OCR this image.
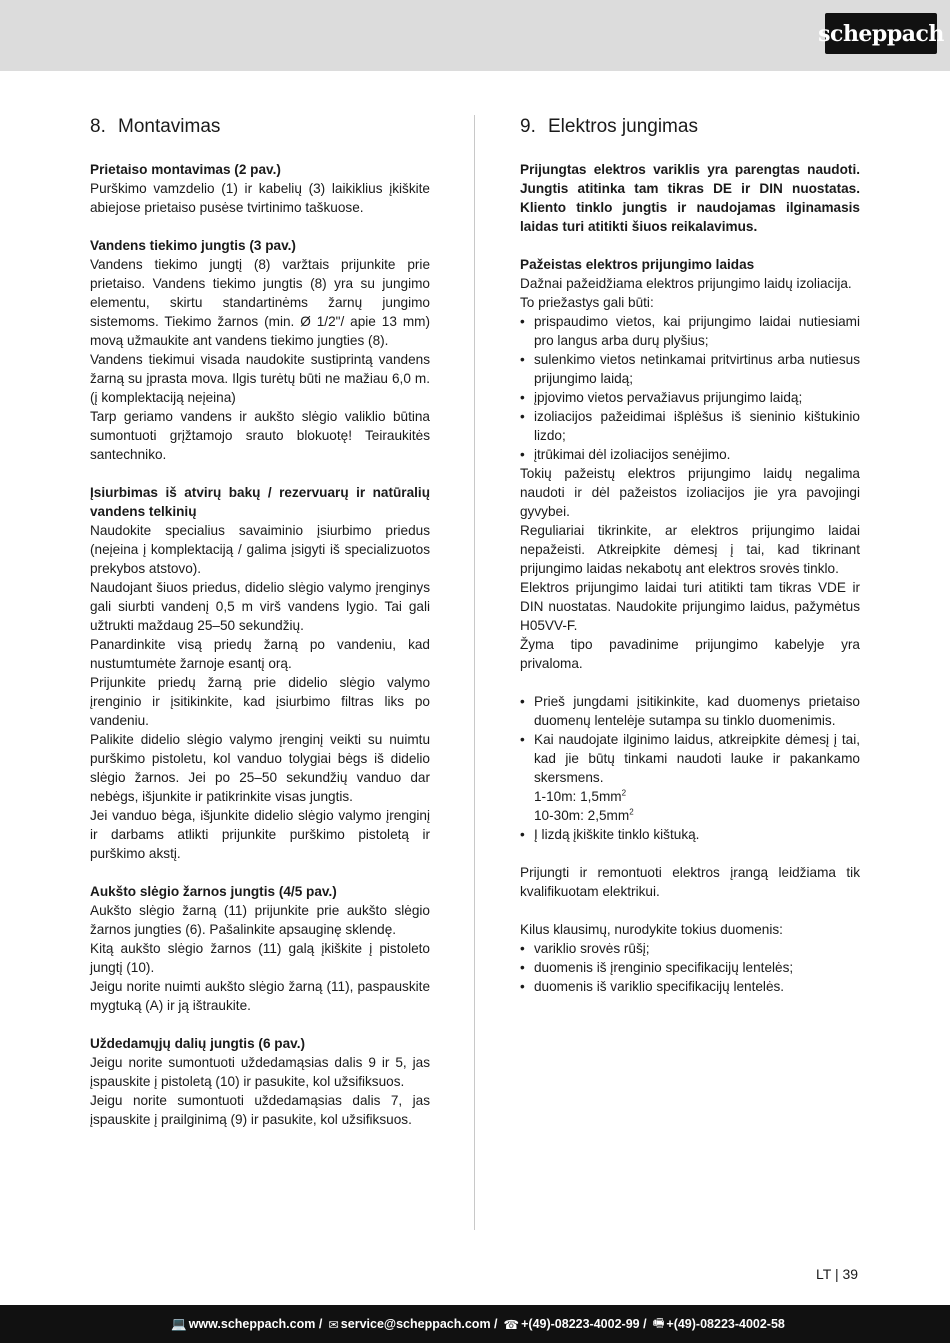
scheppach
8. Montavimas

Prietaiso montavimas (2 pav.)

Purškimo vamzdelio (1) ir kabelių (3) laikiklius įkiškite abiejose prietaiso pusėse tvirtinimo taškuose.

Vandens tiekimo jungtis (3 pav.)

Vandens tiekimo jungtį (8) varžtais prijunkite prie prietaiso. Vandens tiekimo jungtis (8) yra su jungimo elementu, skirtu standartinėms žarnų jungimo sistemoms. Tiekimo žarnos (min. Ø 1/2"/ apie 13 mm) movą užmaukite ant vandens tiekimo jungties (8).

Vandens tiekimui visada naudokite sustiprintą vandens žarną su įprasta mova. Ilgis turėtų būti ne mažiau 6,0 m. (į komplektaciją neįeina)

Tarp geriamo vandens ir aukšto slėgio valiklio būtina sumontuoti grįžtamojo srauto blokuotę! Teiraukitės santechniko.

Įsiurbimas iš atvirų bakų / rezervuarų ir natūralių vandens telkinių

Naudokite specialius savaiminio įsiurbimo priedus (neįeina į komplektaciją / galima įsigyti iš specializuotos prekybos atstovo).

Naudojant šiuos priedus, didelio slėgio valymo įrenginys gali siurbti vandenį 0,5 m virš vandens lygio. Tai gali užtrukti maždaug 25–50 sekundžių.

Panardinkite visą priedų žarną po vandeniu, kad nustumtumėte žarnoje esantį orą.

Prijunkite priedų žarną prie didelio slėgio valymo įrenginio ir įsitikinkite, kad įsiurbimo filtras liks po vandeniu.

Palikite didelio slėgio valymo įrenginį veikti su nuimtu purškimo pistoletu, kol vanduo tolygiai bėgs iš didelio slėgio žarnos. Jei po 25–50 sekundžių vanduo dar nebėgs, išjunkite ir patikrinkite visas jungtis.

Jei vanduo bėga, išjunkite didelio slėgio valymo įrenginį ir darbams atlikti prijunkite purškimo pistoletą ir purškimo akstį.

Aukšto slėgio žarnos jungtis (4/5 pav.)

Aukšto slėgio žarną (11) prijunkite prie aukšto slėgio žarnos jungties (6). Pašalinkite apsauginę sklendę.

Kitą aukšto slėgio žarnos (11) galą įkiškite į pistoleto jungtį (10).

Jeigu norite nuimti aukšto slėgio žarną (11), paspauskite mygtuką (A) ir ją ištraukite.

Uždedamųjų dalių jungtis (6 pav.)

Jeigu norite sumontuoti uždedamąsias dalis 9 ir 5, jas įspauskite į pistoletą (10) ir pasukite, kol užsifiksuos.

Jeigu norite sumontuoti uždedamąsias dalis 7, jas įspauskite į prailginimą (9) ir pasukite, kol užsifiksuos.

9. Elektros jungimas

Prijungtas elektros variklis yra parengtas naudoti. Jungtis atitinka tam tikras DE ir DIN nuostatas. Kliento tinklo jungtis ir naudojamas ilginamasis laidas turi atitikti šiuos reikalavimus.

Pažeistas elektros prijungimo laidas

Dažnai pažeidžiama elektros prijungimo laidų izoliacija.

To priežastys gali būti:

• prispaudimo vietos, kai prijungimo laidai nutiesiami pro langus arba durų plyšius;
• sulenkimo vietos netinkamai pritvirtinus arba nutiesus prijungimo laidą;
• įpjovimo vietos pervažiavus prijungimo laidą;
• izoliacijos pažeidimai išplėšus iš sieninio kištukinio lizdo;
• įtrūkimai dėl izoliacijos senėjimo.

Tokių pažeistų elektros prijungimo laidų negalima naudoti ir dėl pažeistos izoliacijos jie yra pavojingi gyvybei.

Reguliariai tikrinkite, ar elektros prijungimo laidai nepažeisti. Atkreipkite dėmesį į tai, kad tikrinant prijungimo laidas nekabotų ant elektros srovės tinklo.

Elektros prijungimo laidai turi atitikti tam tikras VDE ir DIN nuostatas. Naudokite prijungimo laidus, pažymėtus H05VV-F.

Žyma tipo pavadinime prijungimo kabelyje yra privaloma.

• Prieš jungdami įsitikinkite, kad duomenys prietaiso duomenų lentelėje sutampa su tinklo duomenimis.
• Kai naudojate ilginimo laidus, atkreipkite dėmesį į tai, kad jie būtų tinkami naudoti lauke ir pakankamo skersmens.
1-10m: $1,5mm^2$
10-30m: $2,5mm^2$
• Į lizdą įkiškite tinklo kištuką.

Prijungti ir remontuoti elektros įrangą leidžiama tik kvalifikuotam elektrikui.

Kilus klausimų, nurodykite tokius duomenis:

• variklio srovės rūšį;
• duomenis iš įrenginio specifikacijų lentelės;
• duomenis iš variklio specifikacijų lentelės.
LT | 39
💻 www.scheppach.com
/ ✉ service@scheppach.com
/ ☎ +(49)-08223-4002-99
/ 🖷 +(49)-08223-4002-58
